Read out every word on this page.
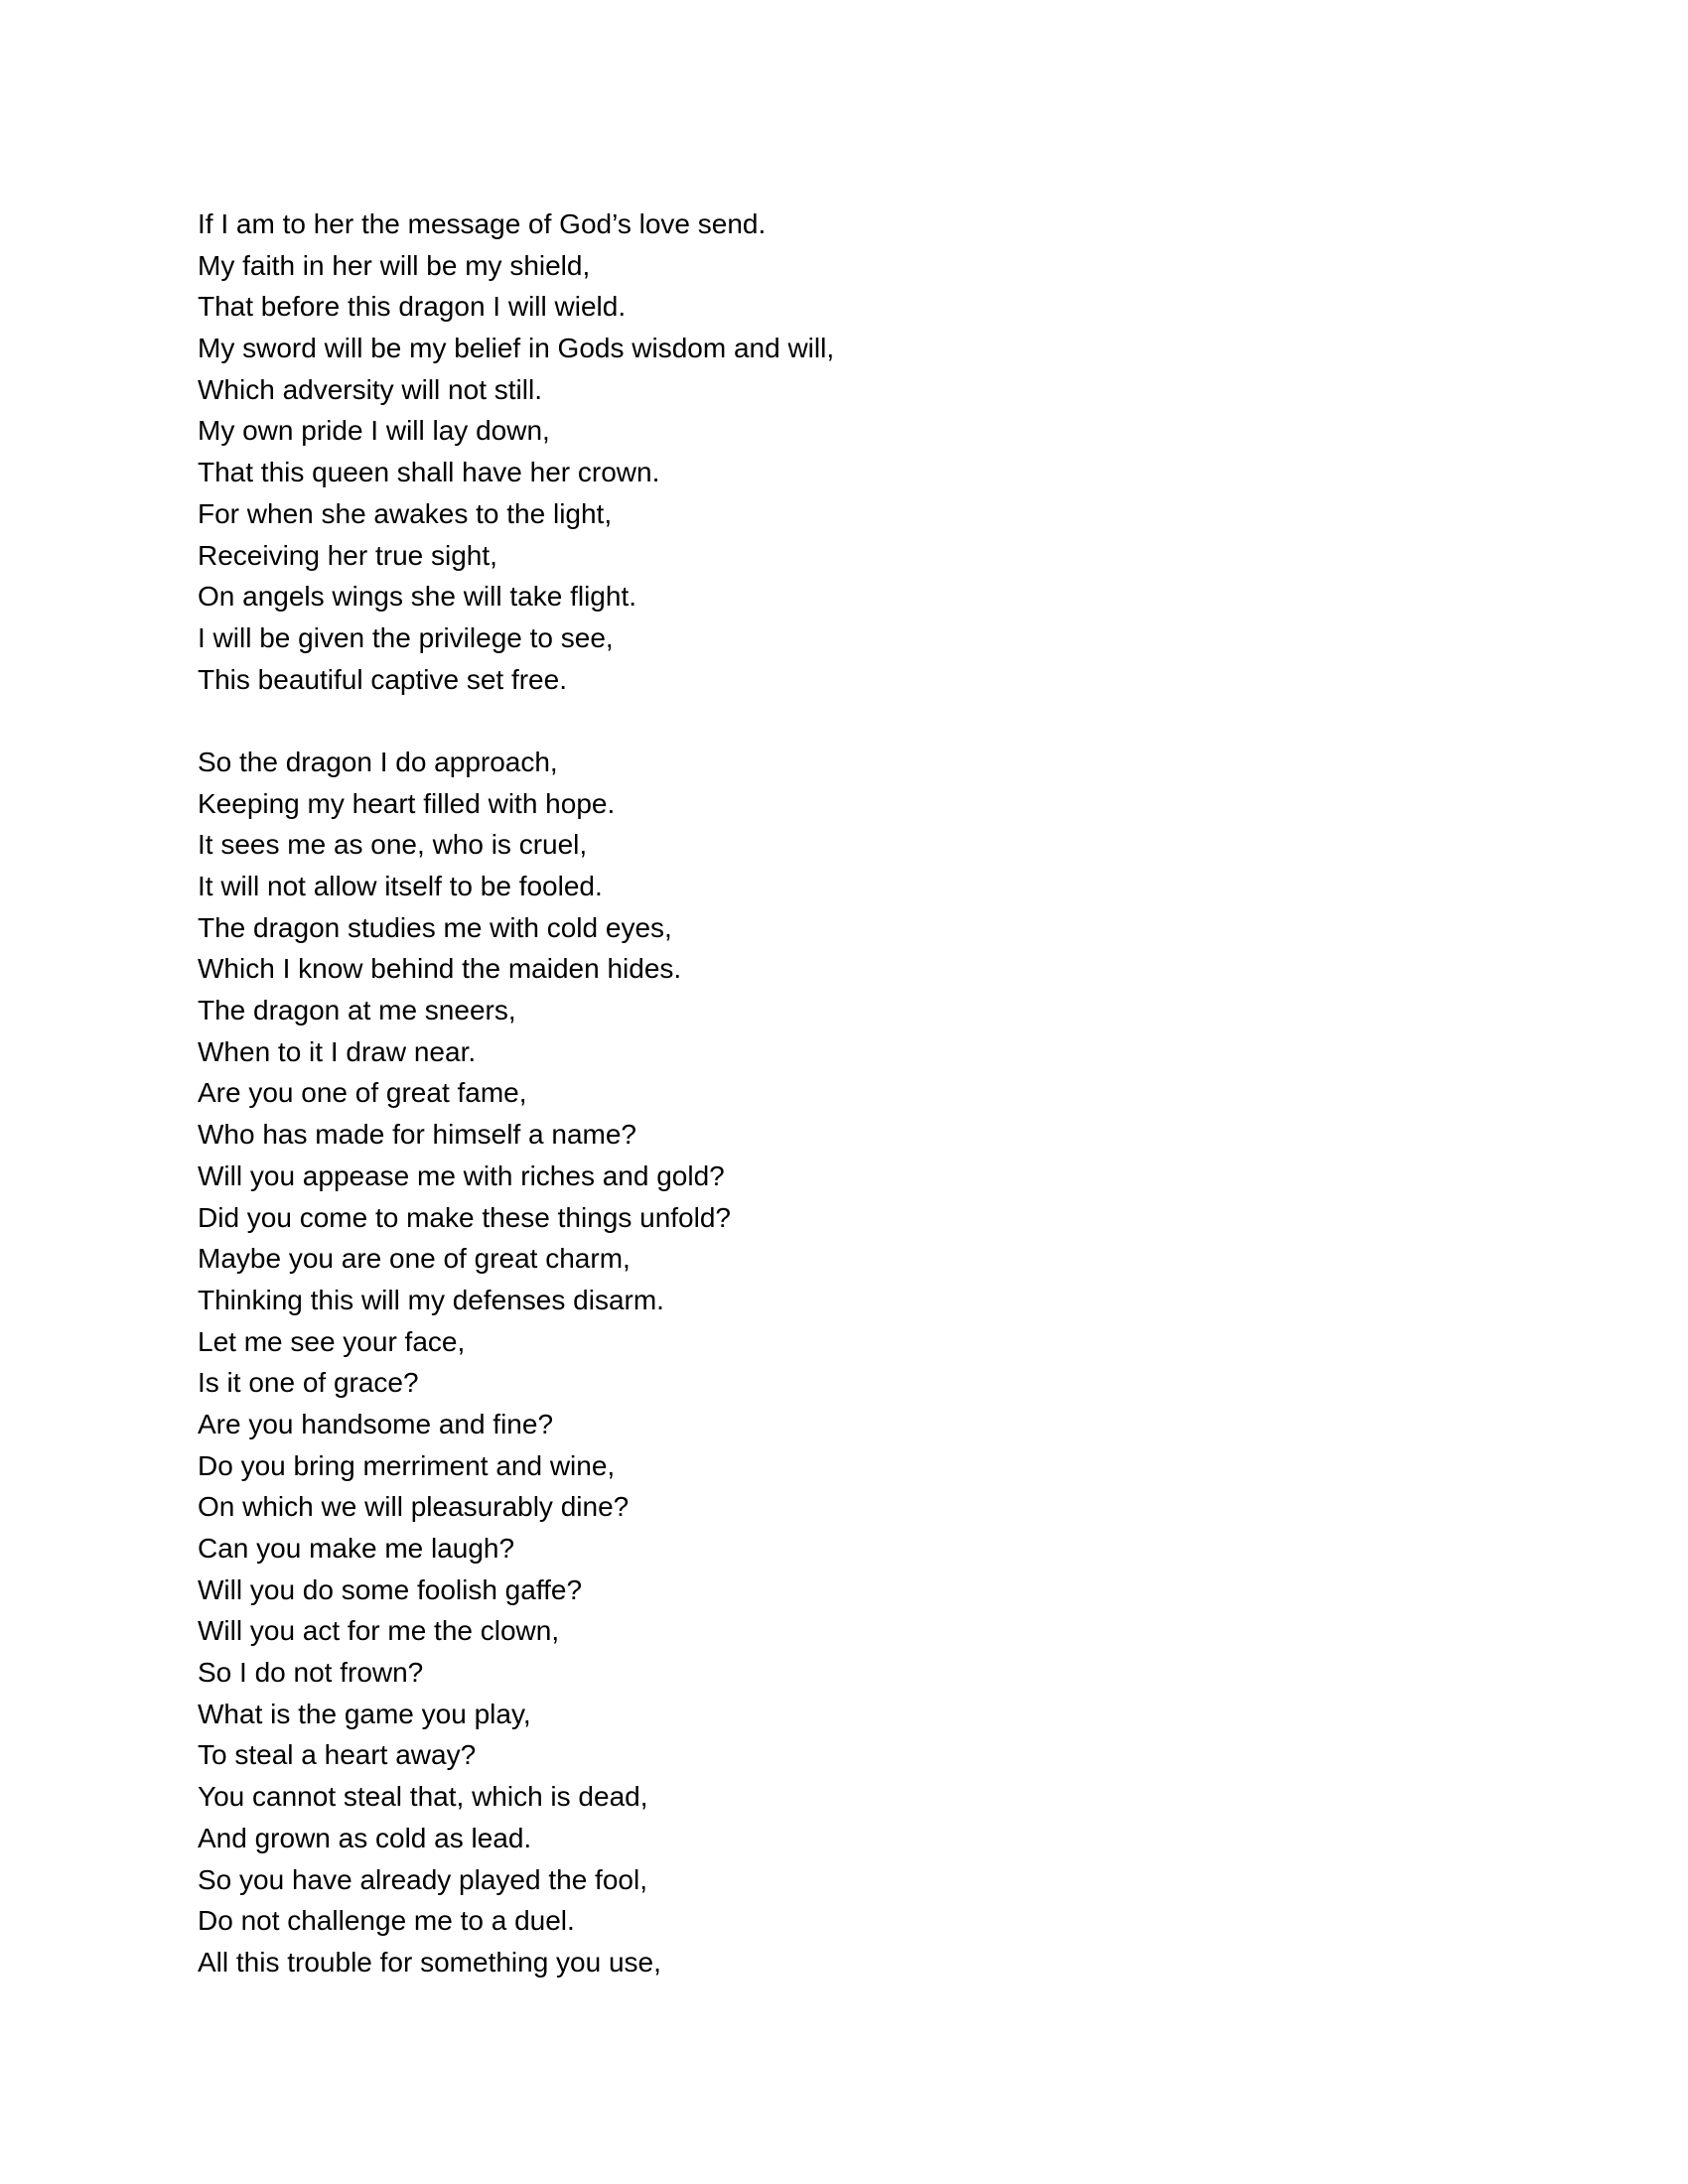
If I am to her the message of God’s love send.
My faith in her will be my shield,
That before this dragon I will wield.
My sword will be my belief in Gods wisdom and will,
Which adversity will not still.
My own pride I will lay down,
That this queen shall have her crown.
For when she awakes to the light,
Receiving her true sight,
On angels wings she will take flight.
I will be given the privilege to see,
This beautiful captive set free.
So the dragon I do approach,
Keeping my heart filled with hope.
It sees me as one, who is cruel,
It will not allow itself to be fooled.
The dragon studies me with cold eyes,
Which I know behind the maiden hides.
The dragon at me sneers,
When to it I draw near.
Are you one of great fame,
Who has made for himself a name?
Will you appease me with riches and gold?
Did you come to make these things unfold?
Maybe you are one of great charm,
Thinking this will my defenses disarm.
Let me see your face,
Is it one of grace?
Are you handsome and fine?
Do you bring merriment and wine,
On which we will pleasurably dine?
Can you make me laugh?
Will you do some foolish gaffe?
Will you act for me the clown,
So I do not frown?
What is the game you play,
To steal a heart away?
You cannot steal that, which is dead,
And grown as cold as lead.
So you have already played the fool,
Do not challenge me to a duel.
All this trouble for something you use,
